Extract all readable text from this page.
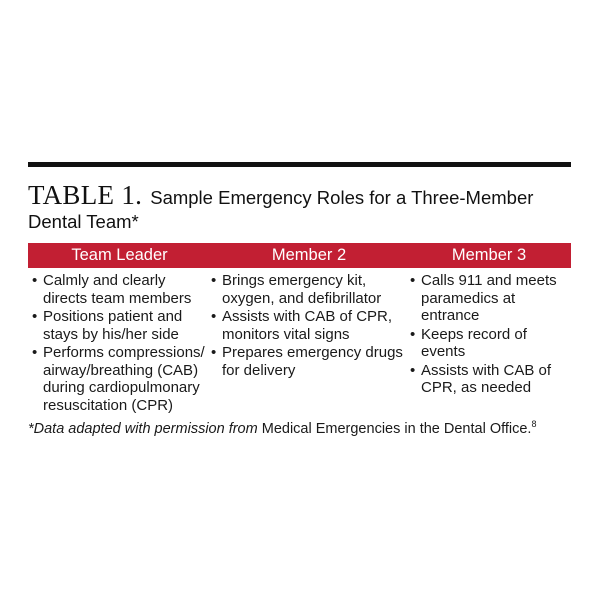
TABLE 1. Sample Emergency Roles for a Three-Member
Dental Team*
Team Leader	Member 2	Member 3
• Calmly and clearly directs team members
• Positions patient and stays by his/her side
• Performs compressions/ airway/breathing (CAB) during cardiopulmonary resuscitation (CPR)
• Brings emergency kit, oxygen, and defibrillator
• Assists with CAB of CPR, monitors vital signs
• Prepares emergency drugs for delivery
• Calls 911 and meets paramedics at entrance
• Keeps record of events
• Assists with CAB of CPR, as needed
*Data adapted with permission from Medical Emergencies in the Dental Office.$^8$
